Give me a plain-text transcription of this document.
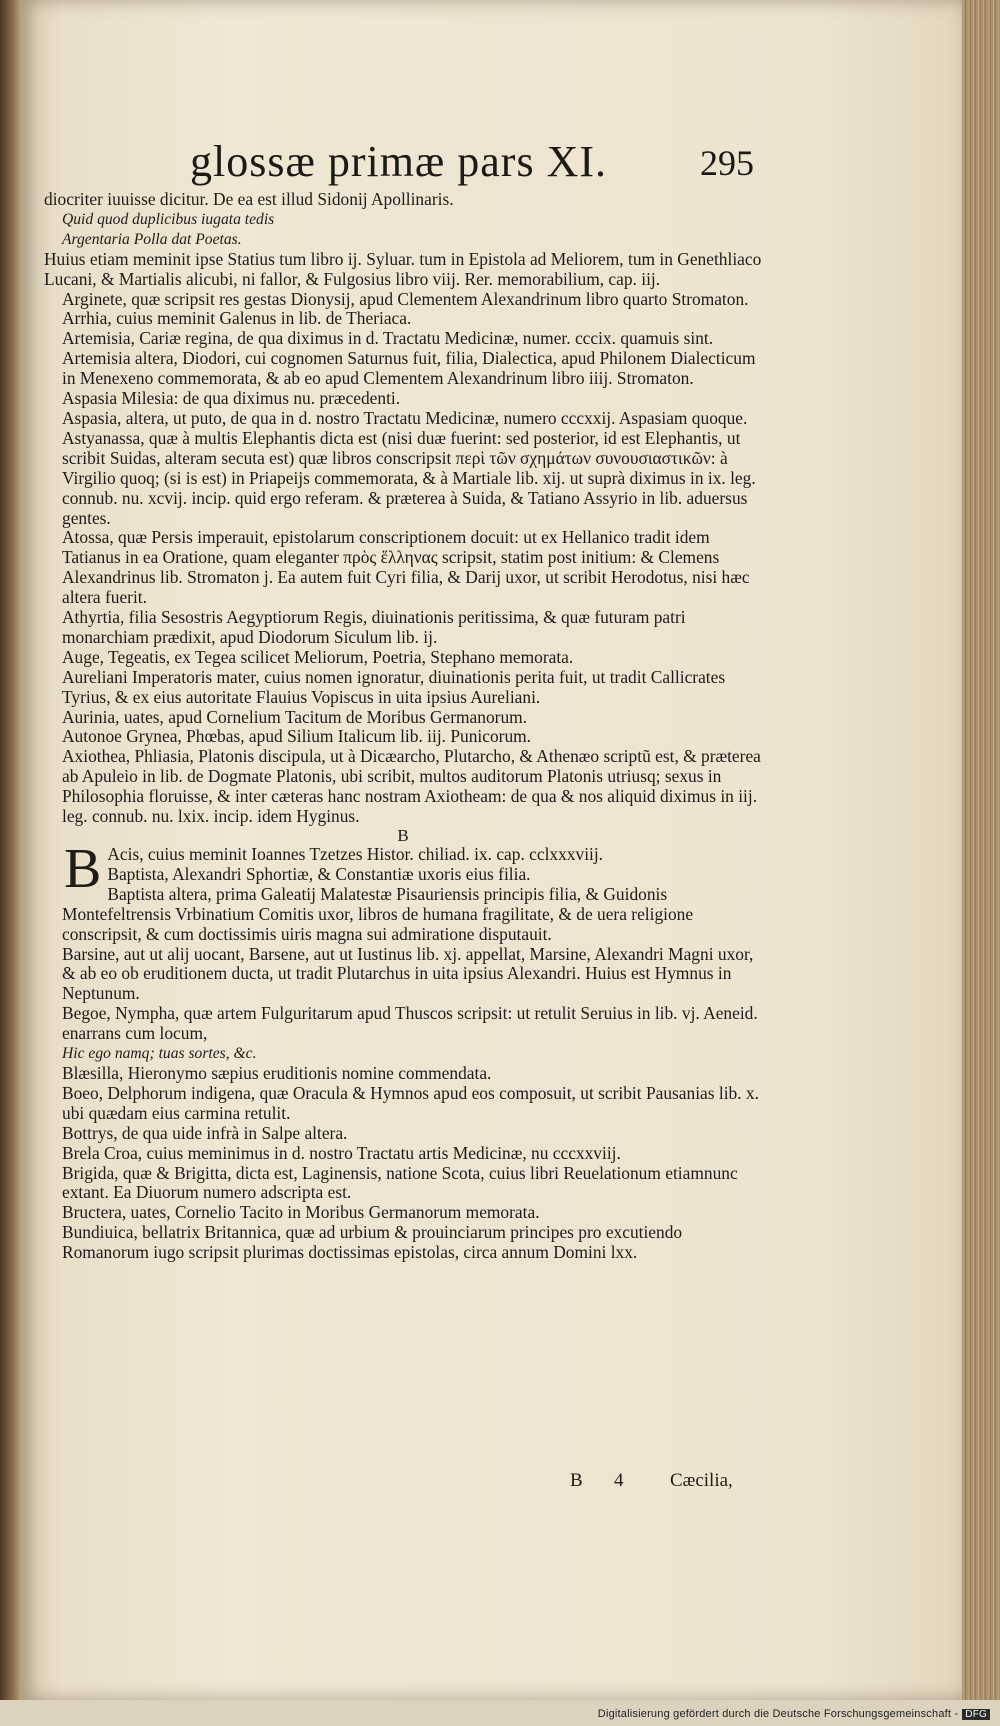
glossæ primæ pars XI.	295

diocriter iuuisse dicitur. De ea est illud Sidonij Apollinaris.

Quid quod duplicibus iugata tedis

Argentaria Polla dat Poetas.

Huius etiam meminit ipse Statius tum libro ij. Syluar. tum in Epistola ad Meliorem, tum in Genethliaco Lucani, & Martialis alicubi, ni fallor, & Fulgosius libro viij. Rer. memorabilium, cap. iij.

Arginete, quæ scripsit res gestas Dionysij, apud Clementem Alexandrinum libro quarto Stromaton.

Arrhia, cuius meminit Galenus in lib. de Theriaca.

Artemisia, Cariæ regina, de qua diximus in d. Tractatu Medicinæ, numer. cccix. quamuis sint.

Artemisia altera, Diodori, cui cognomen Saturnus fuit, filia, Dialectica, apud Philonem Dialecticum in Menexeno commemorata, & ab eo apud Clementem Alexandrinum libro iiij. Stromaton.

Aspasia Milesia: de qua diximus nu. præcedenti.

Aspasia, altera, ut puto, de qua in d. nostro Tractatu Medicinæ, numero cccxxij. Aspasiam quoque.

Astyanassa, quæ à multis Elephantis dicta est (nisi duæ fuerint: sed posterior, id est Elephantis, ut scribit Suidas, alteram secuta est) quæ libros conscripsit περὶ τῶν σχημάτων συνουσιαστικῶν: à Virgilio quoq; (si is est) in Priapeijs commemorata, & à Martiale lib. xij. ut suprà diximus in ix. leg. connub. nu. xcvij. incip. quid ergo referam. & præterea à Suida, & Tatiano Assyrio in lib. aduersus gentes.

Atossa, quæ Persis imperauit, epistolarum conscriptionem docuit: ut ex Hellanico tradit idem Tatianus in ea Oratione, quam eleganter πρὸς ἕλληνας scripsit, statim post initium: & Clemens Alexandrinus lib. Stromaton j. Ea autem fuit Cyri filia, & Darij uxor, ut scribit Herodotus, nisi hæc altera fuerit.

Athyrtia, filia Sesostris Aegyptiorum Regis, diuinationis peritissima, & quæ futuram patri monarchiam prædixit, apud Diodorum Siculum lib. ij.

Auge, Tegeatis, ex Tegea scilicet Meliorum, Poetria, Stephano memorata.

Aureliani Imperatoris mater, cuius nomen ignoratur, diuinationis perita fuit, ut tradit Callicrates Tyrius, & ex eius autoritate Flauius Vopiscus in uita ipsius Aureliani.

Aurinia, uates, apud Cornelium Tacitum de Moribus Germanorum.

Autonoe Grynea, Phœbas, apud Silium Italicum lib. iij. Punicorum.

Axiothea, Phliasia, Platonis discipula, ut à Dicæarcho, Plutarcho, & Athenæo scriptũ est, & præterea ab Apuleio in lib. de Dogmate Platonis, ubi scribit, multos auditorum Platonis utriusq; sexus in Philosophia floruisse, & inter cæteras hanc nostram Axiotheam: de qua & nos aliquid diximus in iij. leg. connub. nu. lxix. incip. idem Hyginus.

B

B Acis, cuius meminit Ioannes Tzetzes Histor. chiliad. ix. cap. cclxxxviij.

Baptista, Alexandri Sphortiæ, & Constantiæ uxoris eius filia.

Baptista altera, prima Galeatij Malatestæ Pisauriensis principis filia, & Guidonis Montefeltrensis Vrbinatium Comitis uxor, libros de humana fragilitate, & de uera religione conscripsit, & cum doctissimis uiris magna sui admiratione disputauit.

Barsine, aut ut alij uocant, Barsene, aut ut Iustinus lib. xj. appellat, Marsine, Alexandri Magni uxor, & ab eo ob eruditionem ducta, ut tradit Plutarchus in uita ipsius Alexandri. Huius est Hymnus in Neptunum.

Begoe, Nympha, quæ artem Fulguritarum apud Thuscos scripsit: ut retulit Seruius in lib. vj. Aeneid. enarrans cum locum,

Hic ego namq; tuas sortes, &c.

Blæsilla, Hieronymo sæpius eruditionis nomine commendata.

Boeo, Delphorum indigena, quæ Oracula & Hymnos apud eos composuit, ut scribit Pausanias lib. x. ubi quædam eius carmina retulit.

Bottrys, de qua uide infrà in Salpe altera.

Brela Croa, cuius meminimus in d. nostro Tractatu artis Medicinæ, nu cccxxviij.

Brigida, quæ & Brigitta, dicta est, Laginensis, natione Scota, cuius libri Reuelationum etiamnunc extant. Ea Diuorum numero adscripta est.

Bructera, uates, Cornelio Tacito in Moribus Germanorum memorata.

Bundiuica, bellatrix Britannica, quæ ad urbium & prouinciarum principes pro excutiendo Romanorum iugo scripsit plurimas doctissimas epistolas, circa annum Domini lxx.

B 4 Cæcilia,
Digitalisierung gefördert durch die Deutsche Forschungsgemeinschaft - DFG
